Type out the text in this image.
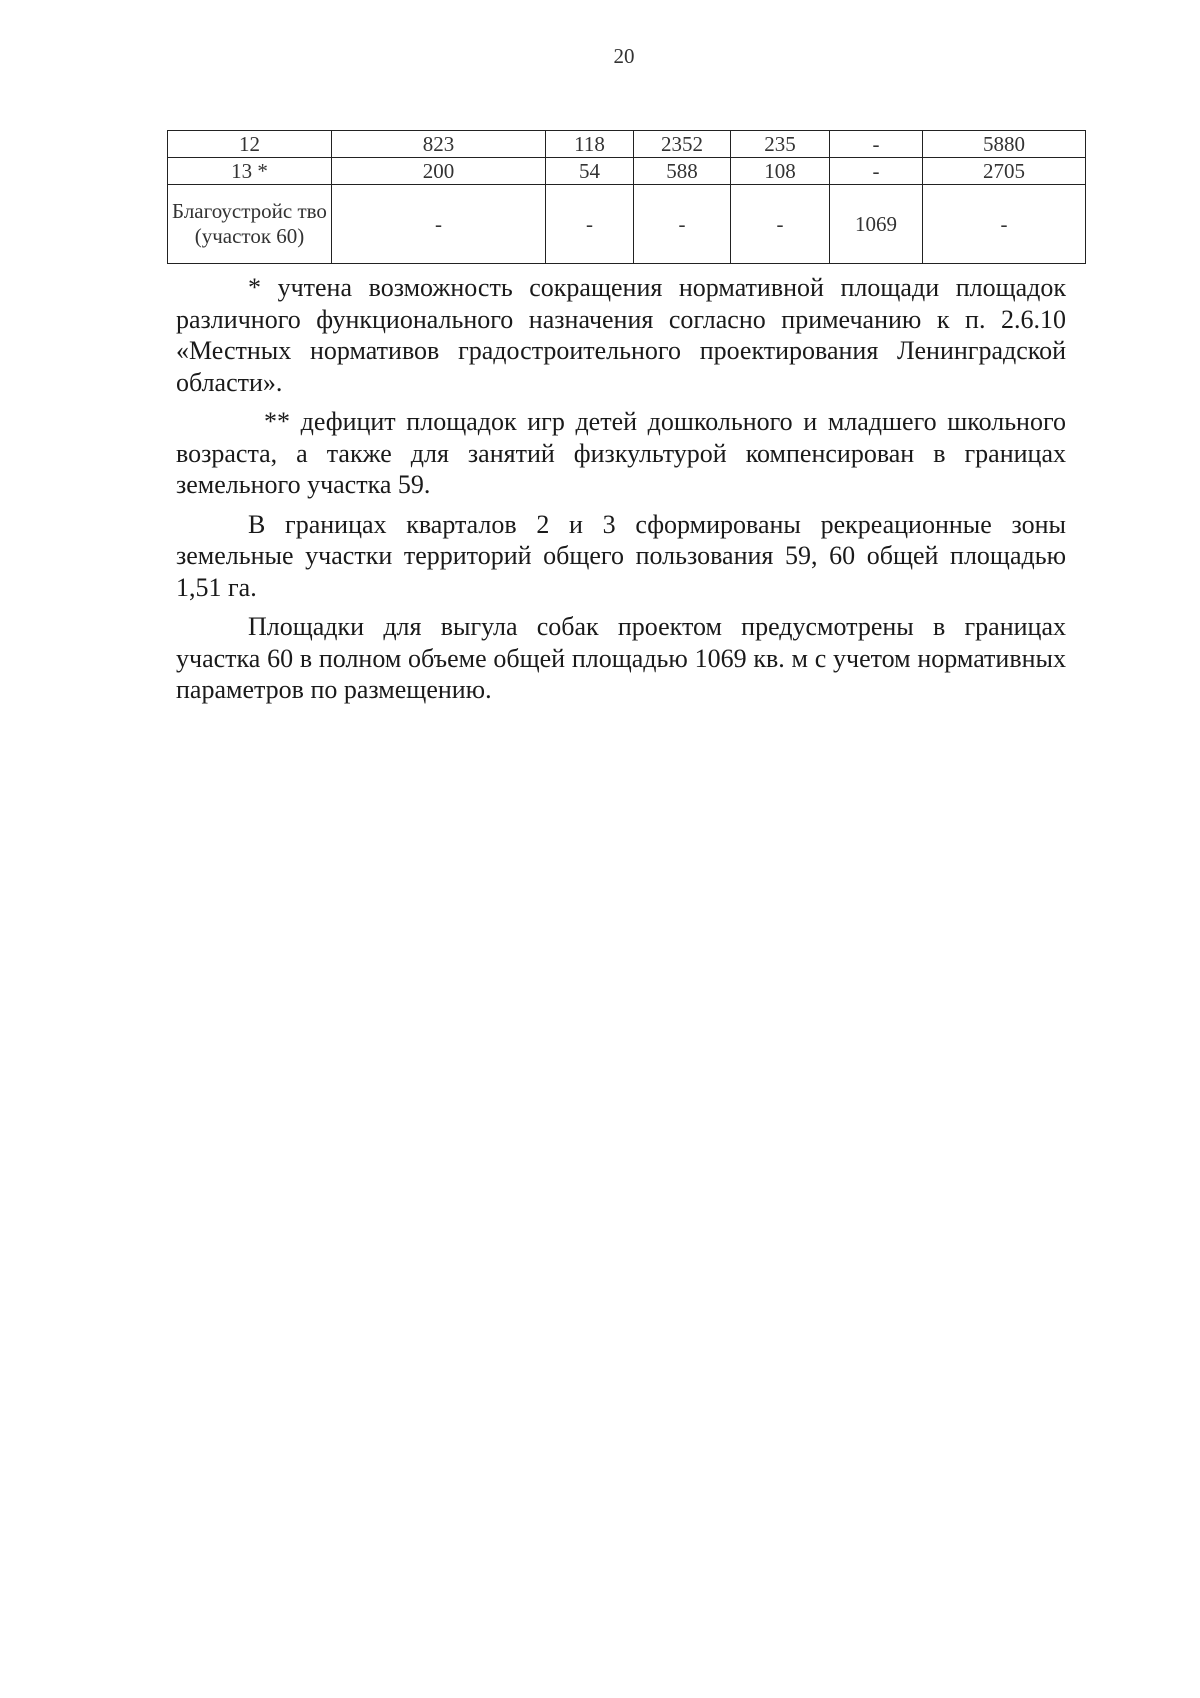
20
12	823	118	2352	235	-	5880
13 *	200	54	588	108	-	2705
Благоустройс тво (участок 60)	-	-	-	-	1069	-

* учтена возможность сокращения нормативной площади площадок различного функционального назначения согласно примечанию к п. 2.6.10 «Местных нормативов градостроительного проектирования Ленинградской области».

** дефицит площадок игр детей дошкольного и младшего школьного возраста, а также для занятий физкультурой компенсирован в границах земельного участка 59.

В границах кварталов 2 и 3 сформированы рекреационные зоны земельные участки территорий общего пользования 59, 60 общей площадью 1,51 га.

Площадки для выгула собак проектом предусмотрены в границах участка 60 в полном объеме общей площадью 1069 кв. м с учетом нормативных параметров по размещению.
